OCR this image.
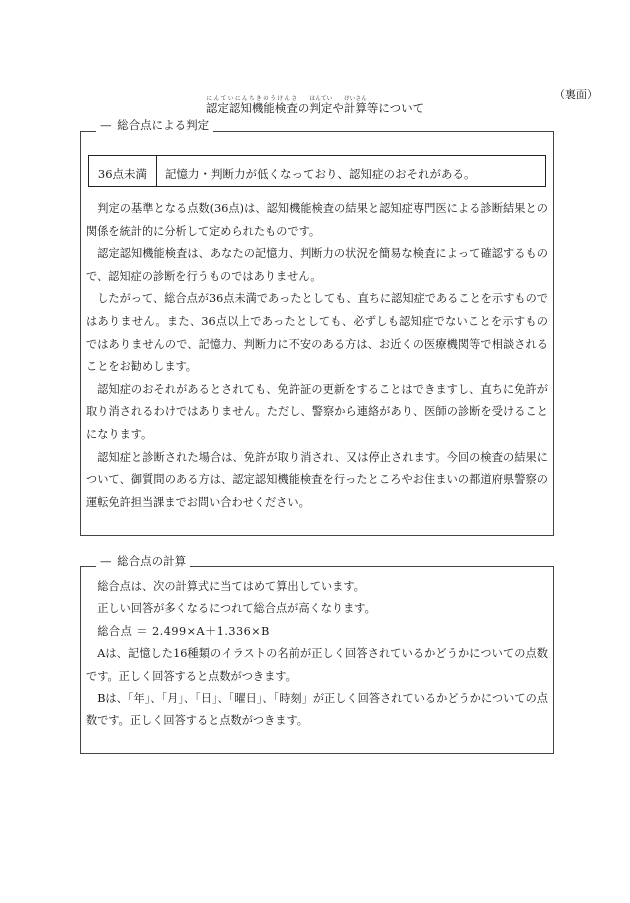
（裏面）
認定認知機能検査にんていにんちきのうけんさの判定はんていや計算けいさん等について
— 総合点による判定
36点未満	記憶力・判断力が低くなっており、認知症のおそれがある。

判定の基準となる点数(36点)は、認知機能検査の結果と認知症専門医による診断結果との関係を統計的に分析して定められたものです。

認定認知機能検査は、あなたの記憶力、判断力の状況を簡易な検査によって確認するもので、認知症の診断を行うものではありません。

したがって、総合点が36点未満であったとしても、直ちに認知症であることを示すものではありません。また、36点以上であったとしても、必ずしも認知症でないことを示すものではありませんので、記憶力、判断力に不安のある方は、お近くの医療機関等で相談されることをお勧めします。

認知症のおそれがあるとされても、免許証の更新をすることはできますし、直ちに免許が取り消されるわけではありません。ただし、警察から連絡があり、医師の診断を受けることになります。

認知症と診断された場合は、免許が取り消され、又は停止されます。今回の検査の結果について、御質問のある方は、認定認知機能検査を行ったところやお住まいの都道府県警察の運転免許担当課までお問い合わせください。

— 総合点の計算

総合点は、次の計算式に当てはめて算出しています。

正しい回答が多くなるにつれて総合点が高くなります。

総合点 ＝ 2.499×A＋1.336×B

Aは、記憶した16種類のイラストの名前が正しく回答されているかどうかについての点数です。正しく回答すると点数がつきます。

Bは、「年」、「月」、「日」、「曜日」、「時刻」が正しく回答されているかどうかについての点数です。正しく回答すると点数がつきます。
